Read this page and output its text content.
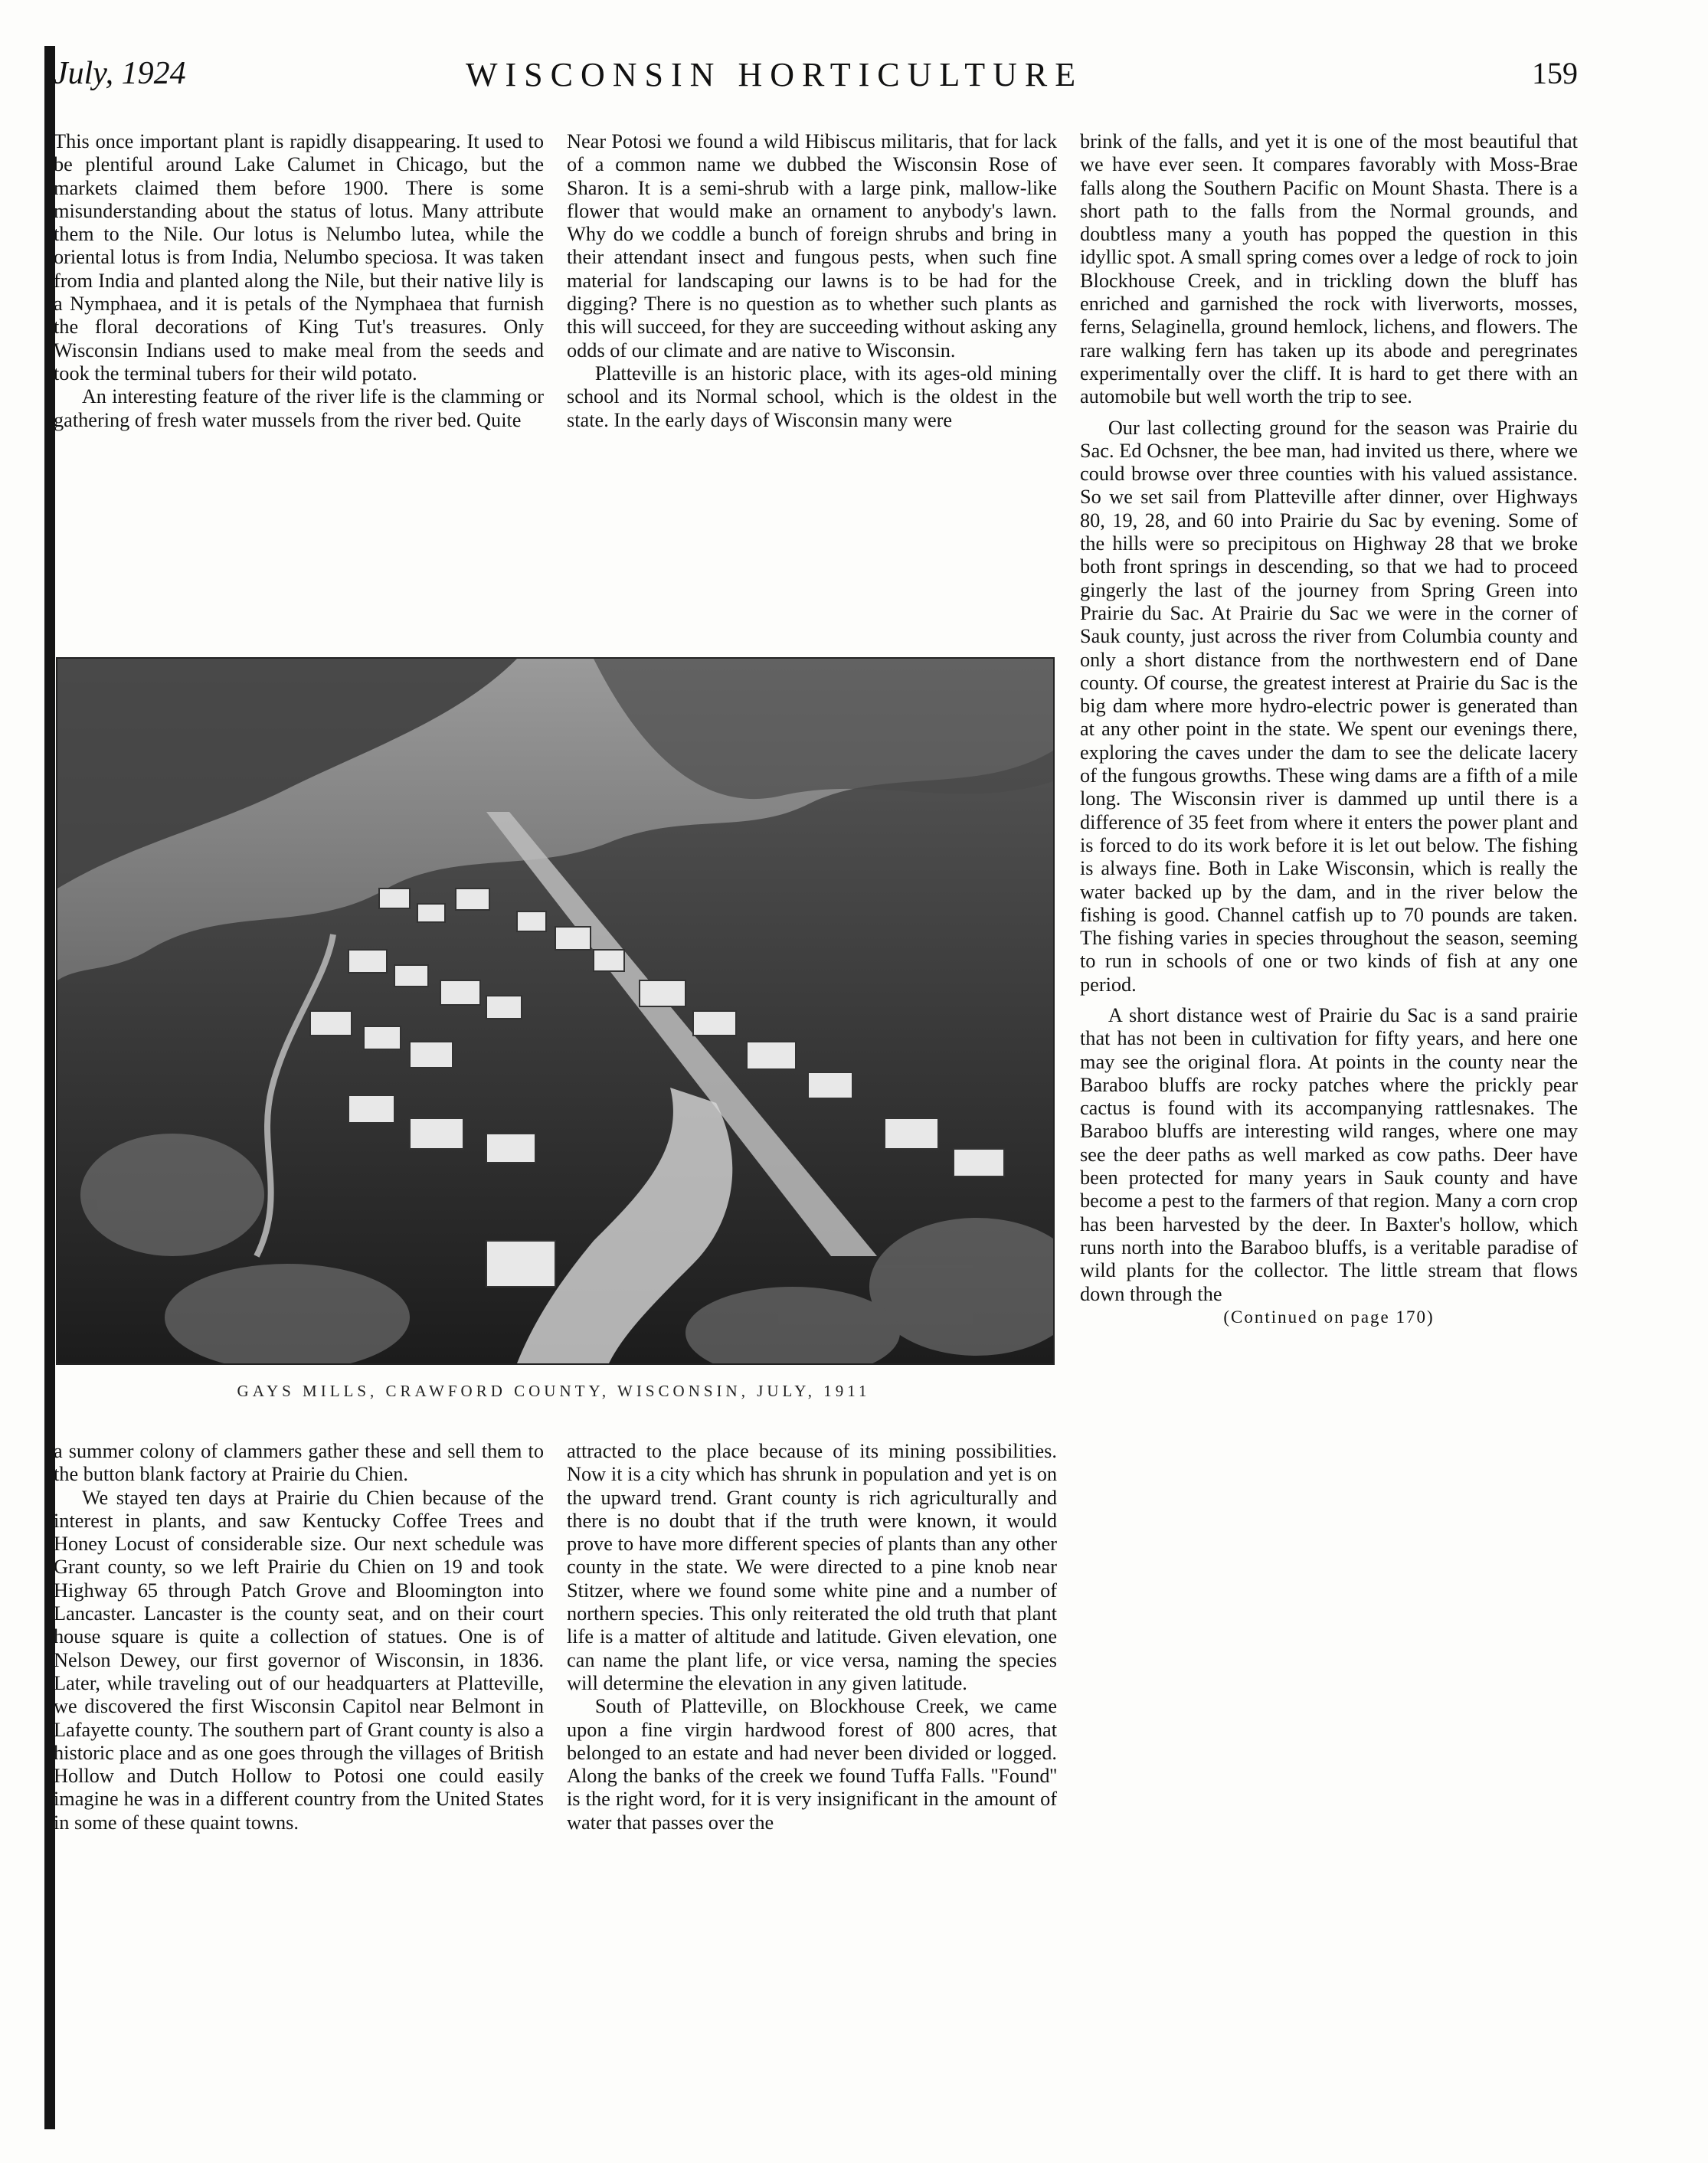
July, 1924	WISCONSIN HORTICULTURE	159

This once important plant is rapidly disappearing. It used to be plentiful around Lake Calumet in Chicago, but the markets claimed them before 1900. There is some misunderstanding about the status of lotus. Many attribute them to the Nile. Our lotus is Nelumbo lutea, while the oriental lotus is from India, Nelumbo speciosa. It was taken from India and planted along the Nile, but their native lily is a Nymphaea, and it is petals of the Nymphaea that furnish the floral decorations of King Tut's treasures. Only Wisconsin Indians used to make meal from the seeds and took the terminal tubers for their wild potato.

An interesting feature of the river life is the clamming or gathering of fresh water mussels from the river bed. Quite

Near Potosi we found a wild Hibiscus militaris, that for lack of a common name we dubbed the Wisconsin Rose of Sharon. It is a semi-shrub with a large pink, mallow-like flower that would make an ornament to anybody's lawn. Why do we coddle a bunch of foreign shrubs and bring in their attendant insect and fungous pests, when such fine material for landscaping our lawns is to be had for the digging? There is no question as to whether such plants as this will succeed, for they are succeeding without asking any odds of our climate and are native to Wisconsin.

Platteville is an historic place, with its ages-old mining school and its Normal school, which is the oldest in the state. In the early days of Wisconsin many were

GAYS MILLS, CRAWFORD COUNTY, WISCONSIN, JULY, 1911

a summer colony of clammers gather these and sell them to the button blank factory at Prairie du Chien.

We stayed ten days at Prairie du Chien because of the interest in plants, and saw Kentucky Coffee Trees and Honey Locust of considerable size. Our next schedule was Grant county, so we left Prairie du Chien on 19 and took Highway 65 through Patch Grove and Bloomington into Lancaster. Lancaster is the county seat, and on their court house square is quite a collection of statues. One is of Nelson Dewey, our first governor of Wisconsin, in 1836. Later, while traveling out of our headquarters at Platteville, we discovered the first Wisconsin Capitol near Belmont in Lafayette county. The southern part of Grant county is also a historic place and as one goes through the villages of British Hollow and Dutch Hollow to Potosi one could easily imagine he was in a different country from the United States in some of these quaint towns.

attracted to the place because of its mining possibilities. Now it is a city which has shrunk in population and yet is on the upward trend. Grant county is rich agriculturally and there is no doubt that if the truth were known, it would prove to have more different species of plants than any other county in the state. We were directed to a pine knob near Stitzer, where we found some white pine and a number of northern species. This only reiterated the old truth that plant life is a matter of altitude and latitude. Given elevation, one can name the plant life, or vice versa, naming the species will determine the elevation in any given latitude.

South of Platteville, on Blockhouse Creek, we came upon a fine virgin hardwood forest of 800 acres, that belonged to an estate and had never been divided or logged. Along the banks of the creek we found Tuffa Falls. ''Found'' is the right word, for it is very insignificant in the amount of water that passes over the

brink of the falls, and yet it is one of the most beautiful that we have ever seen. It compares favorably with Moss-Brae falls along the Southern Pacific on Mount Shasta. There is a short path to the falls from the Normal grounds, and doubtless many a youth has popped the question in this idyllic spot. A small spring comes over a ledge of rock to join Blockhouse Creek, and in trickling down the bluff has enriched and garnished the rock with liverworts, mosses, ferns, Selaginella, ground hemlock, lichens, and flowers. The rare walking fern has taken up its abode and peregrinates experimentally over the cliff. It is hard to get there with an automobile but well worth the trip to see.

Our last collecting ground for the season was Prairie du Sac. Ed Ochsner, the bee man, had invited us there, where we could browse over three counties with his valued assistance. So we set sail from Platteville after dinner, over Highways 80, 19, 28, and 60 into Prairie du Sac by evening. Some of the hills were so precipitous on Highway 28 that we broke both front springs in descending, so that we had to proceed gingerly the last of the journey from Spring Green into Prairie du Sac. At Prairie du Sac we were in the corner of Sauk county, just across the river from Columbia county and only a short distance from the northwestern end of Dane county. Of course, the greatest interest at Prairie du Sac is the big dam where more hydro-electric power is generated than at any other point in the state. We spent our evenings there, exploring the caves under the dam to see the delicate lacery of the fungous growths. These wing dams are a fifth of a mile long. The Wisconsin river is dammed up until there is a difference of 35 feet from where it enters the power plant and is forced to do its work before it is let out below. The fishing is always fine. Both in Lake Wisconsin, which is really the water backed up by the dam, and in the river below the fishing is good. Channel catfish up to 70 pounds are taken. The fishing varies in species throughout the season, seeming to run in schools of one or two kinds of fish at any one period.

A short distance west of Prairie du Sac is a sand prairie that has not been in cultivation for fifty years, and here one may see the original flora. At points in the county near the Baraboo bluffs are rocky patches where the prickly pear cactus is found with its accompanying rattlesnakes. The Baraboo bluffs are interesting wild ranges, where one may see the deer paths as well marked as cow paths. Deer have been protected for many years in Sauk county and have become a pest to the farmers of that region. Many a corn crop has been harvested by the deer. In Baxter's hollow, which runs north into the Baraboo bluffs, is a veritable paradise of wild plants for the collector. The little stream that flows down through the

(Continued on page 170)
